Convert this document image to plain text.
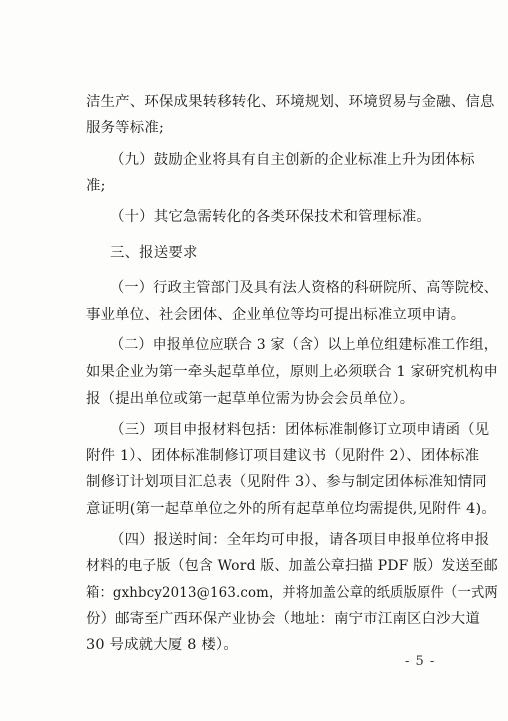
洁生产、环保成果转移转化、环境规划、环境贸易与金融、信息
服务等标准;
（九）鼓励企业将具有自主创新的企业标准上升为团体标
准;
（十）其它急需转化的各类环保技术和管理标准。
三、报送要求
（一）行政主管部门及具有法人资格的科研院所、高等院校、
事业单位、社会团体、企业单位等均可提出标准立项申请。
（二）申报单位应联合 3 家（含）以上单位组建标准工作组，
如果企业为第一牵头起草单位，原则上必须联合 1 家研究机构申
报（提出单位或第一起草单位需为协会会员单位）。
（三）项目申报材料包括：团体标准制修订立项申请函（见
附件 1）、团体标准制修订项目建议书（见附件 2）、团体标准
制修订计划项目汇总表（见附件 3）、参与制定团体标准知情同
意证明(第一起草单位之外的所有起草单位均需提供,见附件 4)。
（四）报送时间：全年均可申报，请各项目申报单位将申报
材料的电子版（包含 Word 版、加盖公章扫描 PDF 版）发送至邮
箱：gxhbcy2013@163.com，并将加盖公章的纸质版原件（一式两
份）邮寄至广西环保产业协会（地址：南宁市江南区白沙大道
30 号成就大厦 8 楼）。
- 5 -
